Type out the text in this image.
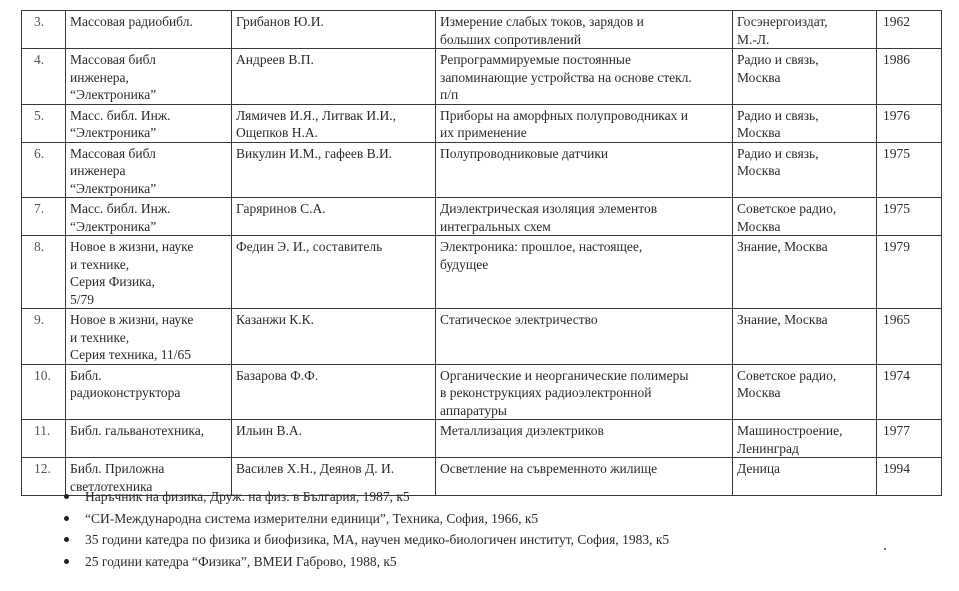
3.	Массовая радиобибл.	Грибанов Ю.И.	Измерение слабых токов, зарядов и
больших сопротивлений	Госэнергоиздат,
М.-Л.	1962
4.	Массовая библ
инженера,
“Электроника”	Андреев В.П.	Репрограммируемые постоянные
запоминающие устройства на основе стекл.
п/п	Радио и связь,
Москва	1986
5.	Масс. библ. Инж.
“Электроника”	Лямичев И.Я., Литвак И.И.,
Ощепков Н.А.	Приборы на аморфных полупроводниках и
их применение	Радио и связь,
Москва	1976
6.	Массовая библ
инженера
“Электроника”	Викулин И.М., гафеев В.И.	Полупроводниковые датчики	Радио и связь,
Москва	1975
7.	Масс. библ. Инж.
“Электроника”	Гаряринов С.А.	Диэлектрическая изоляция элементов
интегральных схем	Советское радио,
Москва	1975
8.	Новое в жизни, науке
и технике,
Серия Физика,
5/79	Федин Э. И., составитель	Электроника: прошлое, настоящее,
будущее	Знание, Москва	1979
9.	Новое в жизни, науке
и технике,
Серия техника, 11/65	Казанжи К.К.	Статическое электричество	Знание, Москва	1965
10.	Библ.
радиоконструктора	Базарова Ф.Ф.	Органические и неорганические полимеры
в реконструкциях радиоэлектронной
аппаратуры	Советское радио,
Москва	1974
11.	Библ. гальванотехника,	Ильин В.А.	Металлизация диэлектриков	Машиностроение,
Ленинград	1977
12.	Библ. Приложна
светлотехника	Василев Х.Н., Деянов Д. И.	Осветление на съвременното жилище	Деница	1994
Наръчник на физика, Друж. на физ. в България, 1987, к5
“СИ-Международна система измерителни единици”, Техника, София, 1966, к5
35 години катедра по физика и биофизика, МА, научен медико-биологичен институт, София, 1983, к5
25 години катедра “Физика”, ВМЕИ Габрово, 1988, к5
